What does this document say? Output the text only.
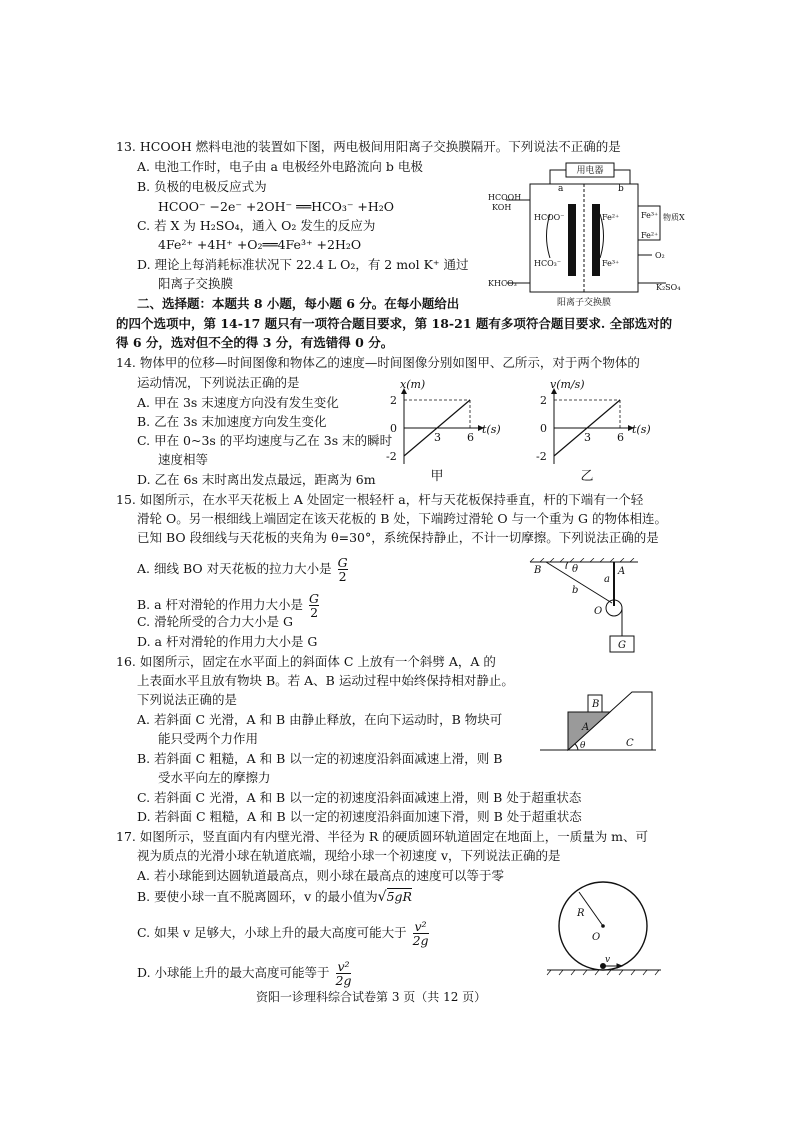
13. HCOOH 燃料电池的装置如下图，两电极间用阳离子交换膜隔开。下列说法不正确的是
A. 电池工作时，电子由 a 电极经外电路流向 b 电极
B. 负极的电极反应式为
HCOO⁻ −2e⁻ +2OH⁻ ══HCO₃⁻ +H₂O
C. 若 X 为 H₂SO₄，通入 O₂ 发生的反应为
4Fe²⁺ +4H⁺ +O₂══4Fe³⁺ +2H₂O
D. 理论上每消耗标准状况下 22.4 L O₂，有 2 mol K⁺ 通过
阳离子交换膜
用电器
a	b
HCOOH
KOH
HCOO⁻
HCO₃⁻
Fe²⁺
Fe³⁺
Fe³⁺
Fe²⁺
物质X
O₂
KHCO₃	K₂SO₄
阳离子交换膜
二、选择题：本题共 8 小题，每小题 6 分。在每小题给出
的四个选项中，第 14-17 题只有一项符合题目要求，第 18-21 题有多项符合题目要求. 全部选对的
得 6 分，选对但不全的得 3 分，有选错得 0 分。
14. 物体甲的位移—时间图像和物体乙的速度—时间图像分别如图甲、乙所示，对于两个物体的
运动情况，下列说法正确的是
A. 甲在 3s 末速度方向没有发生变化
B. 乙在 3s 末加速度方向发生变化
C. 甲在 0~3s 的平均速度与乙在 3s 末的瞬时
速度相等
D. 乙在 6s 末时离出发点最远，距离为 6m
2
0
-2
3 6
x(m)
t(s)
甲
2
0
-2
3 6
v(m/s)
t(s)
乙
15. 如图所示，在水平天花板上 A 处固定一根轻杆 a，杆与天花板保持垂直，杆的下端有一个轻
滑轮 O。另一根细线上端固定在该天花板的 B 处，下端跨过滑轮 O 与一个重为 G 的物体相连。
已知 BO 段细线与天花板的夹角为 θ=30°，系统保持静止，不计一切摩擦。下列说法正确的是
A. 细线 BO 对天花板的拉力大小是 $\frac{G}{2}$
B. a 杆对滑轮的作用力大小是 $\frac{G}{2}$
C. 滑轮所受的合力大小是 G
D. a 杆对滑轮的作用力大小是 G
B	θ	A
a
b
O
G
16. 如图所示，固定在水平面上的斜面体 C 上放有一个斜劈 A，A 的
上表面水平且放有物块 B。若 A、B 运动过程中始终保持相对静止。
下列说法正确的是
A. 若斜面 C 光滑，A 和 B 由静止释放，在向下运动时，B 物块可
能只受两个力作用
B. 若斜面 C 粗糙，A 和 B 以一定的初速度沿斜面减速上滑，则 B
受水平向左的摩擦力
C. 若斜面 C 光滑，A 和 B 以一定的初速度沿斜面减速上滑，则 B 处于超重状态
D. 若斜面 C 粗糙，A 和 B 以一定的初速度沿斜面加速下滑，则 B 处于超重状态
B
A
θ	C
17. 如图所示，竖直面内有内壁光滑、半径为 R 的硬质圆环轨道固定在地面上，一质量为 m、可
视为质点的光滑小球在轨道底端，现给小球一个初速度 v，下列说法正确的是
A. 若小球能到达圆轨道最高点，则小球在最高点的速度可以等于零
B. 要使小球一直不脱离圆环，v 的最小值为√5gR
C. 如果 v 足够大，小球上升的最大高度可能大于 $\frac{\text{v²}}{2g}$
D. 小球能上升的最大高度可能等于 $\frac{\text{v²}}{2g}$
R
O
v
资阳一诊理科综合试卷第 3 页（共 12 页）
